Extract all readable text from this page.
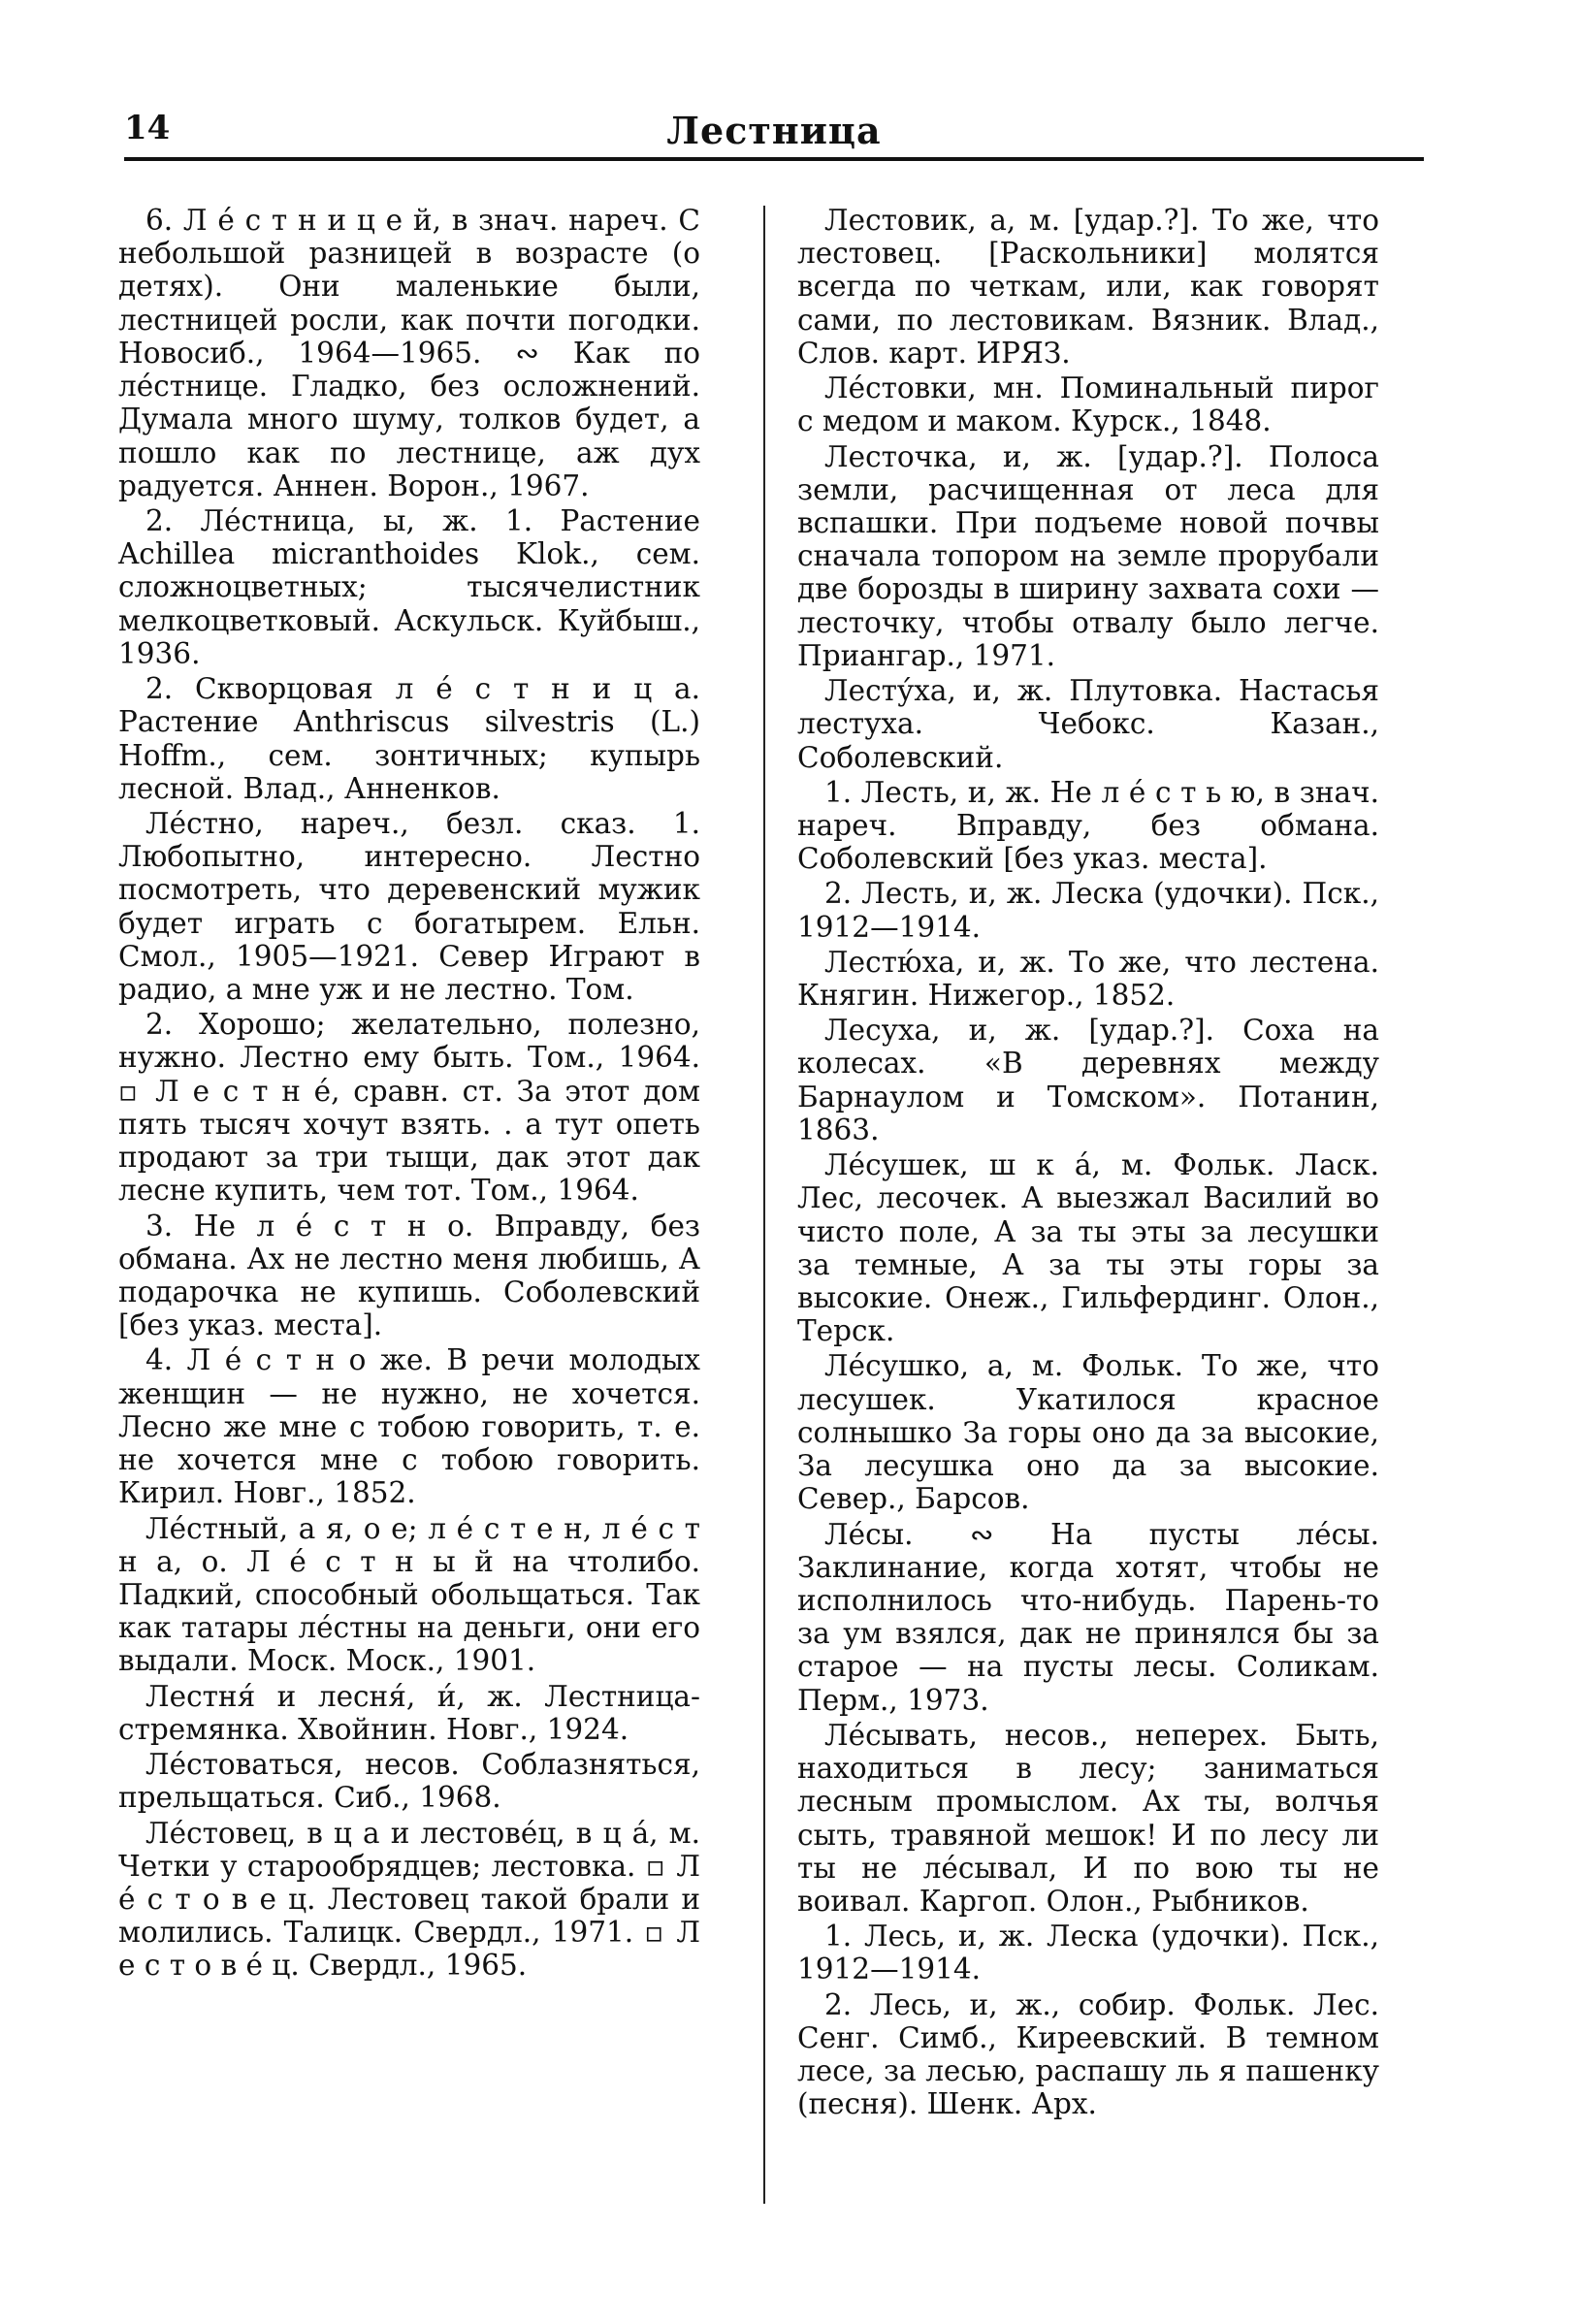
14	Лестница

6. Л é с т н и ц е й, в знач. нареч. С небольшой разницей в возрасте (о детях). Они маленькие были, лестницей росли, как почти погодки. Новосиб., 1964—1965. ∾ Как по лéстнице. Гладко, без осложнений. Думала много шуму, толков будет, а пошло как по лестнице, аж дух радуется. Аннен. Ворон., 1967.

2. Лéстница, ы, ж. 1. Растение Achillea micranthoides Klok., сем. сложноцветных; тысячелистник мелкоцветковый. Аскульск. Куйбыш., 1936.

2. Скворцовая л é с т н и ц а. Растение Anthriscus silvestris (L.) Hoffm., сем. зонтичных; купырь лесной. Влад., Анненков.

Лéстно, нареч., безл. сказ. 1. Любопытно, интересно. Лестно посмотреть, что деревенский мужик будет играть с богатырем. Ельн. Смол., 1905—1921. Север Играют в радио, а мне уж и не лестно. Том.

2. Хорошо; желательно, полезно, нужно. Лестно ему быть. Том., 1964. ▫ Л е с т н é, сравн. ст. За этот дом пять тысяч хочут взять. . а тут опеть продают за три тыщи, дак этот дак лесне купить, чем тот. Том., 1964.

3. Не л é с т н о. Вправду, без обмана. Ах не лестно меня любишь, А подарочка не купишь. Соболевский [без указ. места].

4. Л é с т н о же. В речи молодых женщин — не нужно, не хочется. Лесно же мне с тобою говорить, т. е. не хочется мне с тобою говорить. Кирил. Новг., 1852.

Лéстный, а я, о е; л é с т е н, л é с т н а, о. Л é с т н ы й на чтолибо. Падкий, способный обольщаться. Так как татары лéстны на деньги, они его выдали. Моск. Моск., 1901.

Лестня́ и лесня́, и́, ж. Лестница-стремянка. Хвойнин. Новг., 1924.

Лéстоваться, несов. Соблазняться, прельщаться. Сиб., 1968.

Лéстовец, в ц а и лестовéц, в ц á, м. Четки у старообрядцев; лестовка. ▫ Л é с т о в е ц. Лестовец такой брали и молились. Талицк. Свердл., 1971. ▫ Л е с т о в é ц. Свердл., 1965.

Лестовик, а, м. [удар.?]. То же, что лестовец. [Раскольники] молятся всегда по четкам, или, как говорят сами, по лестовикам. Вязник. Влад., Слов. карт. ИРЯЗ.

Лéстовки, мн. Поминальный пирог с медом и маком. Курск., 1848.

Лесточка, и, ж. [удар.?]. Полоса земли, расчищенная от леса для вспашки. При подъеме новой почвы сначала топором на земле прорубали две борозды в ширину захвата сохи — лесточку, чтобы отвалу было легче. Приангар., 1971.

Лесту́ха, и, ж. Плутовка. Настасья лестуха. Чебокс. Казан., Соболевский.

1. Лесть, и, ж. Не л é с т ь ю, в знач. нареч. Вправду, без обмана. Соболевский [без указ. места].

2. Лесть, и, ж. Леска (удочки). Пск., 1912—1914.

Лестю́ха, и, ж. То же, что лестена. Княгин. Нижегор., 1852.

Лесуха, и, ж. [удар.?]. Соха на колесах. «В деревнях между Барнаулом и Томском». Потанин, 1863.

Лéсушек, ш к á, м. Фольк. Ласк. Лес, лесочек. А выезжал Василий во чисто поле, А за ты эты за лесушки за темные, А за ты эты горы за высокие. Онеж., Гильфердинг. Олон., Терск.

Лéсушко, а, м. Фольк. То же, что лесушек. Укатилося красное солнышко За горы оно да за высокие, За лесушка оно да за высокие. Север., Барсов.

Лéсы. ∾ На пусты лéсы. Заклинание, когда хотят, чтобы не исполнилось что-нибудь. Парень-то за ум взялся, дак не принялся бы за старое — на пусты лесы. Соликам. Перм., 1973.

Лéсывать, несов., неперех. Быть, находиться в лесу; заниматься лесным промыслом. Ах ты, волчья сыть, травяной мешок! И по лесу ли ты не лéсывал, И по вою ты не воивал. Каргоп. Олон., Рыбников.

1. Лесь, и, ж. Леска (удочки). Пск., 1912—1914.

2. Лесь, и, ж., собир. Фольк. Лес. Сенг. Симб., Киреевский. В темном лесе, за лесью, распашу ль я пашенку (песня). Шенк. Арх.
